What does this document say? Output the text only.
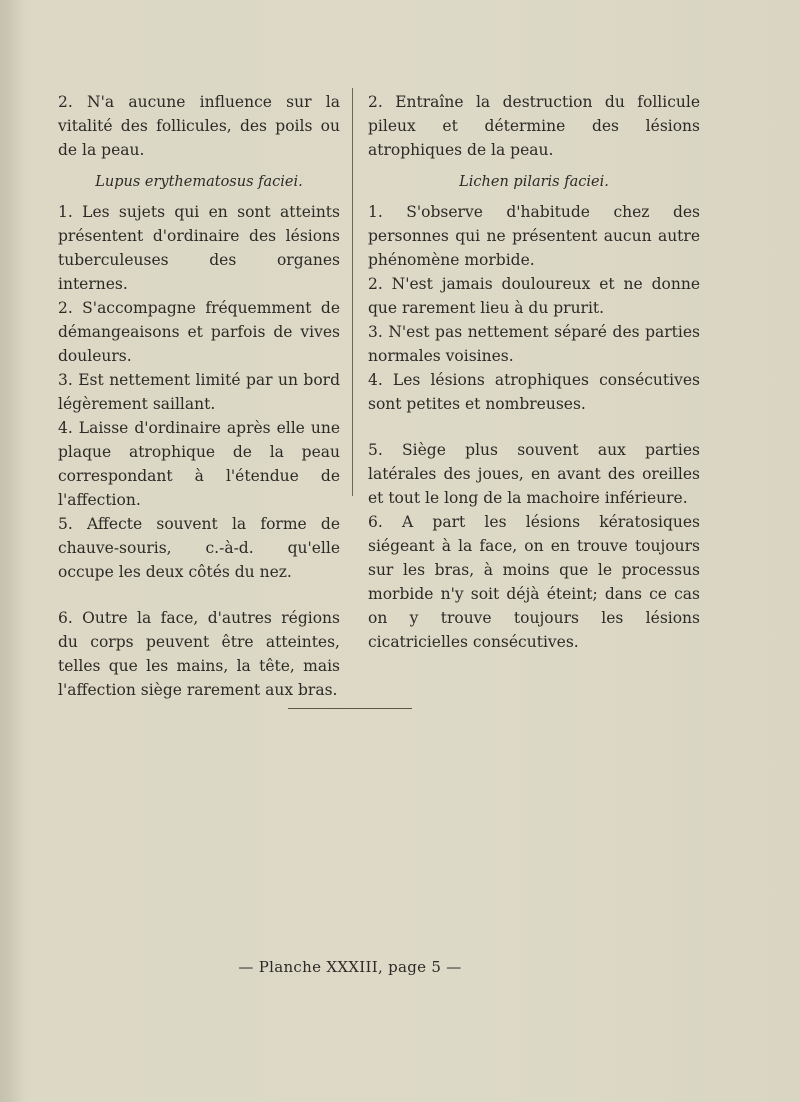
2. N'a aucune influence sur la vitalité des follicules, des poils ou de la peau.

Lupus erythematosus faciei.

1. Les sujets qui en sont atteints présentent d'ordinaire des lésions tuberculeuses des organes internes.

2. S'accompagne fréquemment de démangeaisons et parfois de vives douleurs.

3. Est nettement limité par un bord légèrement saillant.

4. Laisse d'ordinaire après elle une plaque atrophique de la peau correspondant à l'étendue de l'affection.

5. Affecte souvent la forme de chauve-souris, c.-à-d. qu'elle occupe les deux côtés du nez.

6. Outre la face, d'autres régions du corps peuvent être atteintes, telles que les mains, la tête, mais l'affection siège rarement aux bras.

2. Entraîne la destruction du follicule pileux et détermine des lésions atrophiques de la peau.

Lichen pilaris faciei.

1. S'observe d'habitude chez des personnes qui ne présentent aucun autre phénomène morbide.

2. N'est jamais douloureux et ne donne que rarement lieu à du prurit.

3. N'est pas nettement séparé des parties normales voisines.

4. Les lésions atrophiques consécutives sont petites et nombreuses.

5. Siège plus souvent aux parties latérales des joues, en avant des oreilles et tout le long de la machoire inférieure.

6. A part les lésions kératosiques siégeant à la face, on en trouve toujours sur les bras, à moins que le processus morbide n'y soit déjà éteint; dans ce cas on y trouve toujours les lésions cicatricielles consécutives.

— Planche XXXIII, page 5 —
